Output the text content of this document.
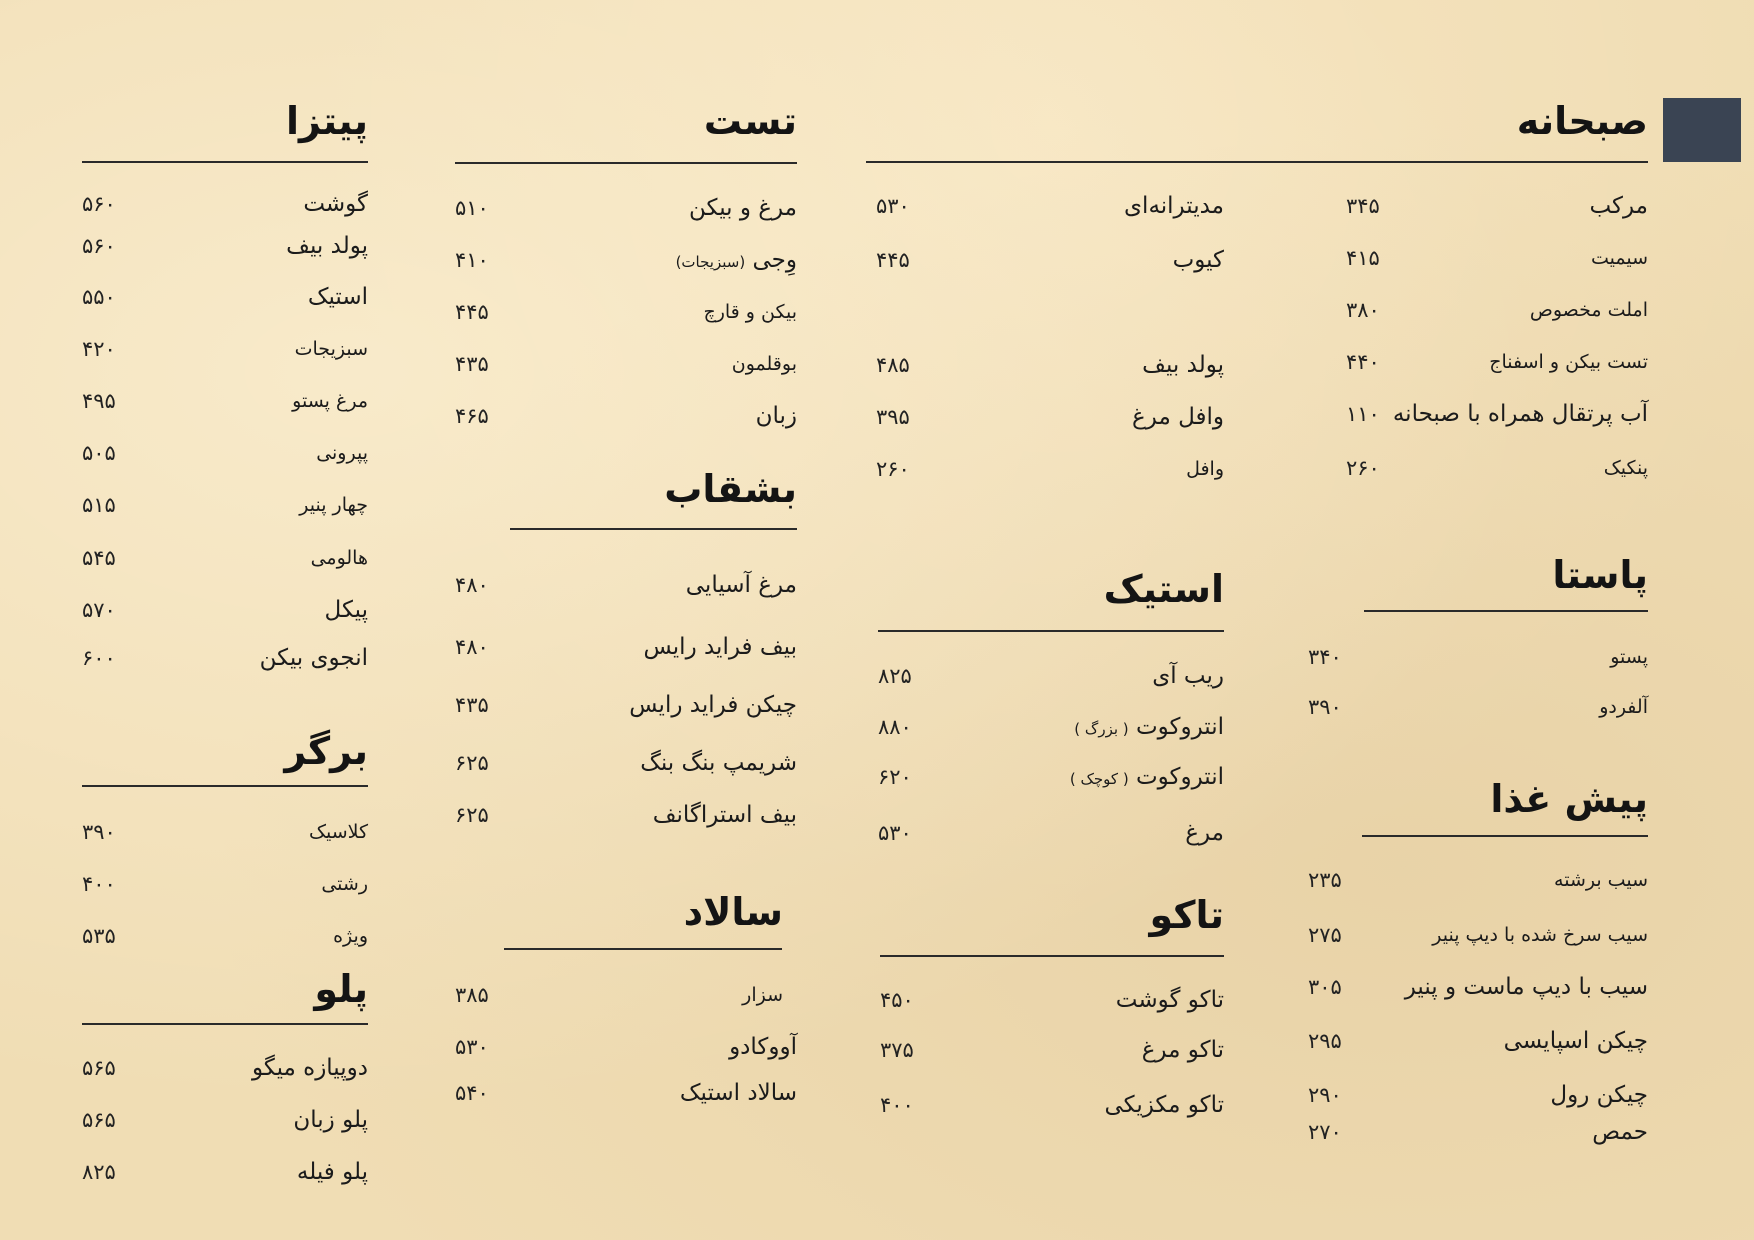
صبحانه
مرکب
۳۴۵
سیمیت
۴۱۵
املت مخصوص
۳۸۰
تست بیکن و اسفناج
۴۴۰
آب پرتقال همراه با صبحانه
۱۱۰
پنکیک
۲۶۰
مدیترانه‌ای
۵۳۰
کیوب
۴۴۵
پولد بیف
۴۸۵
وافل مرغ
۳۹۵
وافل
۲۶۰
تست
مرغ و بیکن
۵۱۰
وِجی (سبزیجات)
۴۱۰
بیکن و قارچ
۴۴۵
بوقلمون
۴۳۵
زبان
۴۶۵
پیتزا
گوشت
۵۶۰
پولد بیف
۵۶۰
استیک
۵۵۰
سبزیجات
۴۲۰
مرغ پستو
۴۹۵
پپرونی
۵۰۵
چهار پنیر
۵۱۵
هالومی
۵۴۵
پیکل
۵۷۰
انجوی بیکن
۶۰۰
بشقاب
مرغ آسیایی
۴۸۰
بیف فراید رایس
۴۸۰
چیکن فراید رایس
۴۳۵
شریمپ بنگ بنگ
۶۲۵
بیف استراگانف
۶۲۵
استیک
ریب آی
۸۲۵
انتروکوت ( بزرگ )
۸۸۰
انتروکوت ( کوچک )
۶۲۰
مرغ
۵۳۰
پاستا
پستو
۳۴۰
آلفردو
۳۹۰
پیش غذا
سیب برشته
۲۳۵
سیب سرخ شده با دیپ پنیر
۲۷۵
سیب با دیپ ماست و پنیر
۳۰۵
چیکن اسپایسی
۲۹۵
چیکن رول
۲۹۰
حمص
۲۷۰
برگر
کلاسیک
۳۹۰
رشتی
۴۰۰
ویژه
۵۳۵
سالاد
سزار
۳۸۵
آووکادو
۵۳۰
سالاد استیک
۵۴۰
تاکو
تاکو گوشت
۴۵۰
تاکو مرغ
۳۷۵
تاکو مکزیکی
۴۰۰
پلو
دوپیازه میگو
۵۶۵
پلو زبان
۵۶۵
پلو فیله
۸۲۵
